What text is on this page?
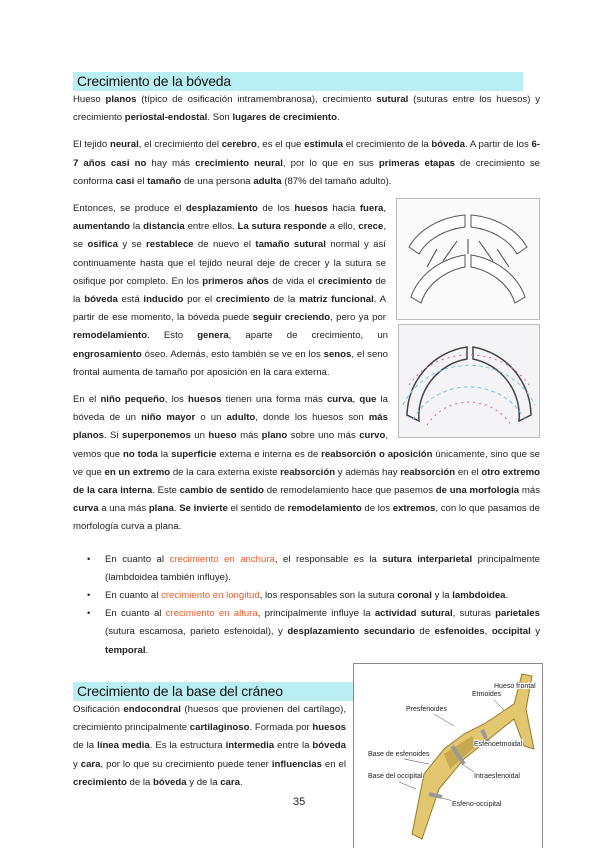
Crecimiento de la bóveda

Hueso planos (típico de osificación intramembranosa), crecimiento sutural (suturas entre los huesos) y crecimiento periostal-endostal. Son lugares de crecimiento.

El tejido neural, el crecimiento del cerebro, es el que estimula el crecimiento de la bóveda. A partir de los 6-7 años casi no hay más crecimiento neural, por lo que en sus primeras etapas de crecimiento se conforma casi el tamaño de una persona adulta (87% del tamaño adulto).

Entonces, se produce el desplazamiento de los huesos hacia fuera, aumentando la distancia entre ellos. La sutura responde a ello, crece, se osifica y se restablece de nuevo el tamaño sutural normal y así continuamente hasta que el tejido neural deje de crecer y la sutura se osifique por completo. En los primeros años de vida el crecimiento de la bóveda está inducido por el crecimiento de la matriz funcional. A partir de ese momento, la bóveda puede seguir creciendo, pero ya por remodelamiento. Esto genera, aparte de crecimiento, un engrosamiento óseo. Además, esto también se ve en los senos, el seno frontal aumenta de tamaño por aposición en la cara externa.

En el niño pequeño, los huesos tienen una forma más curva, que la bóveda de un niño mayor o un adulto, donde los huesos son más planos. Si superponemos un hueso más plano sobre uno más curvo, vemos que no toda la superficie externa e interna es de reabsorción o aposición únicamente, sino que se ve que en un extremo de la cara externa existe reabsorción y además hay reabsorción en el otro extremo de la cara interna. Este cambio de sentido de remodelamiento hace que pasemos de una morfología más curva a una más plana. Se invierte el sentido de remodelamiento de los extremos, con lo que pasamos de morfología curva a plana.

• En cuanto al crecimiento en anchura, el responsable es la sutura interparietal principalmente (lambdoidea también influye).
• En cuanto al crecimiento en longitud, los responsables son la sutura coronal y la lambdoidea.
• En cuanto al crecimiento en altura, principalmente influye la actividad sutural, suturas parietales (sutura escamosa, parieto esfenoidal), y desplazamiento secundario de esfenoides, occipital y temporal.
Crecimiento de la base del cráneo

Osificación endocondral (huesos que provienen del cartílago), crecimiento principalmente cartilaginoso. Formada por huesos de la línea media. Es la estructura intermedia entre la bóveda y cara, por lo que su crecimiento puede tener influencias en el crecimiento de la bóveda y de la cara.

Etmoides
Hueso frontal
Presfenoides
Esfenoetmoidal
Base de esfenoides
Intraesfenoidal
Base del occipital
Esfeno-occipital
35
